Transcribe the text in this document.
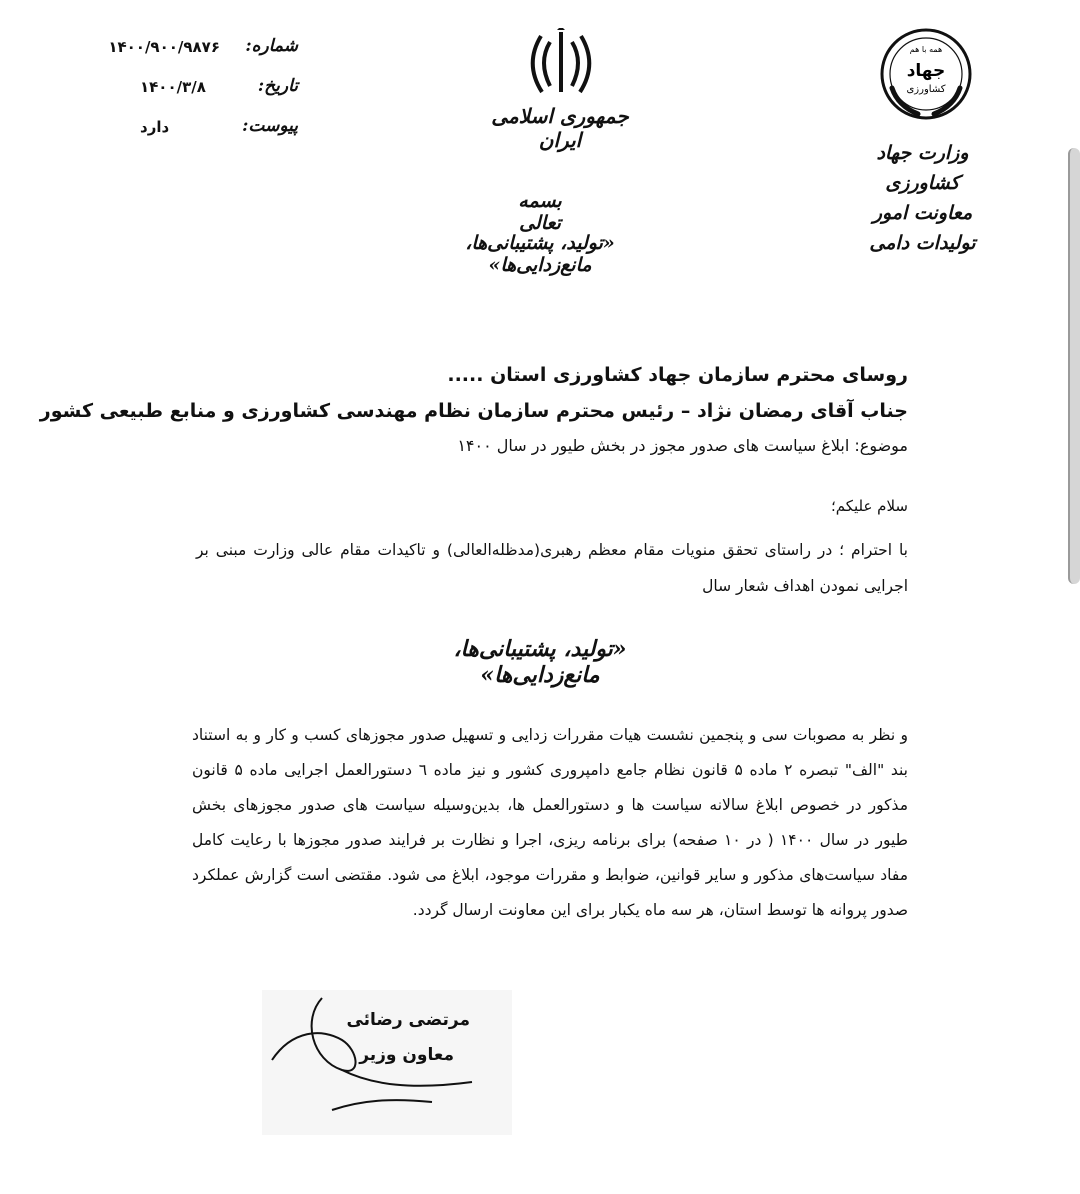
همه با هم
جهاد
کشاورزی
وزارت جهاد کشاورزی
معاونت امور تولیدات دامی
جمهوری اسلامی ایران
بسمه تعالی
«تولید، پشتیبانی‌ها، مانع‌زدایی‌ها»
شماره:
۱۴۰۰/۹۰۰/۹۸۷۶
تاریخ:
۱۴۰۰/۳/۸
پیوست:
دارد
روسای محترم سازمان جهاد کشاورزی استان .....
جناب آقای رمضان نژاد – رئیس محترم سازمان نظام مهندسی کشاورزی و منابع طبیعی کشور
موضوع: ابلاغ سیاست های صدور مجوز در بخش طیور در سال ۱۴۰۰
سلام علیکم؛
با احترام ؛ در راستای تحقق منویات مقام معظم رهبری(مدظله‌العالی) و تاکیدات مقام عالی وزارت مبنی بر اجرایی نمودن اهداف شعار سال
«تولید، پشتیبانی‌ها، مانع‌زدایی‌ها»
و نظر به مصوبات سی و پنجمین نشست هیات مقررات زدایی و تسهیل صدور مجوزهای کسب و کار و به استناد بند "الف" تبصره ۲ ماده ۵ قانون نظام جامع دامپروری کشور و نیز ماده ٦ دستورالعمل اجرایی ماده ۵ قانون مذکور در خصوص ابلاغ سالانه سیاست ها و دستورالعمل ها، بدین‌وسیله سیاست های صدور مجوزهای بخش طیور در سال ۱۴۰۰ ( در ۱۰ صفحه) برای برنامه ریزی، اجرا و نظارت بر فرایند صدور مجوزها با رعایت کامل مفاد سیاست‌های مذکور و سایر قوانین، ضوابط و مقررات موجود، ابلاغ می شود. مقتضی است گزارش عملکرد صدور پروانه ها توسط استان، هر سه ماه یکبار برای این معاونت ارسال گردد.
مرتضی رضائی
معاون وزیر
